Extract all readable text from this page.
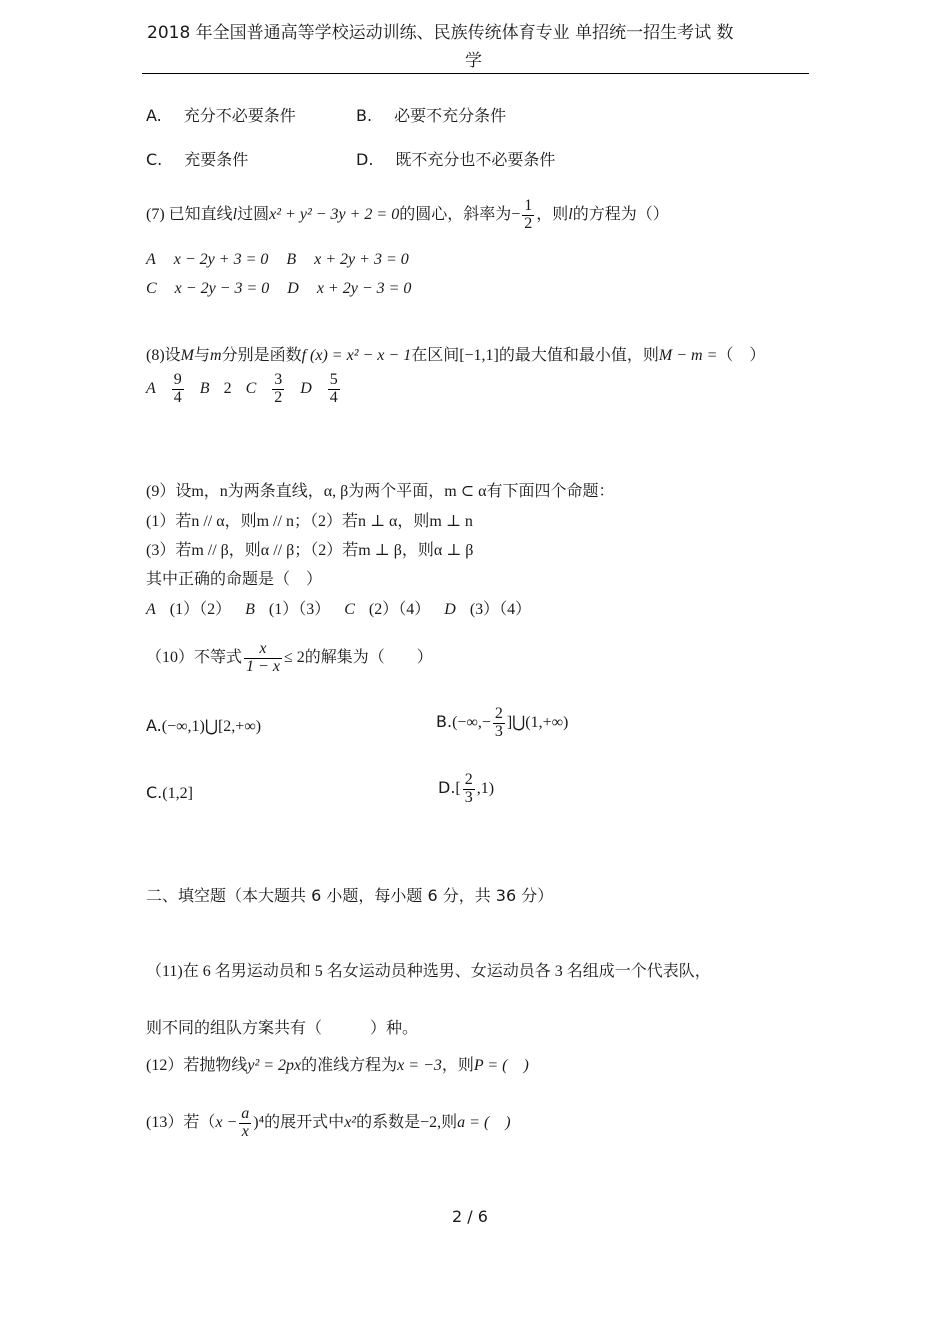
2018 年全国普通高等学校运动训练、民族传统体育专业 单招统一招生考试 数
学
A. 充分不必要条件	B. 必要不充分条件
C. 充要条件	D. 既不充分也不必要条件
(7) 已知直线l过圆x² + y² − 3y + 2 = 0的圆心，斜率为− $\frac{1}{2}$ ，则l的方程为（）
A x − 2y + 3 = 0 B x + 2y + 3 = 0
C x − 2y − 3 = 0 D x + 2y − 3 = 0
(8)设M与m分别是函数f (x) = x² − x − 1在区间[−1,1]的最大值和最小值，则M − m =（　）
A $\frac{9}{4}$ B 2 C $\frac{3}{2}$ D $\frac{5}{4}$
(9）设m，n为两条直线，α, β为两个平面，m ⊂ α有下面四个命题：
(1）若n // α，则m // n；（2）若n ⊥ α，则m ⊥ n
(3）若m // β，则α // β；（2）若m ⊥ β，则α ⊥ β
其中正确的命题是（　）
A (1）（2） B (1）（3） C (2）（4） D (3）（4）
（10）不等式 $\frac{x}{1 - x} \le 2$的解集为（　　）
A.(−∞,1)⋃[2,+∞)	$B.(-\infty,- \frac{2}{3}$ ]⋃(1,+∞)
C.(1,2]	$D.[ \frac{2}{3} ,1)$
二、填空题（本大题共 6 小题，每小题 6 分，共 36 分）
（11)在 6 名男运动员和 5 名女运动员种选男、女运动员各 3 名组成一个代表队，
则不同的组队方案共有（　　　）种。
(12）若抛物线y² = 2px的准线方程为x = −3，则P = (　)
(13）若$(x - \frac{a}{x} )^4$的展开式中x²的系数是−2,则a = (　)
2 / 6
